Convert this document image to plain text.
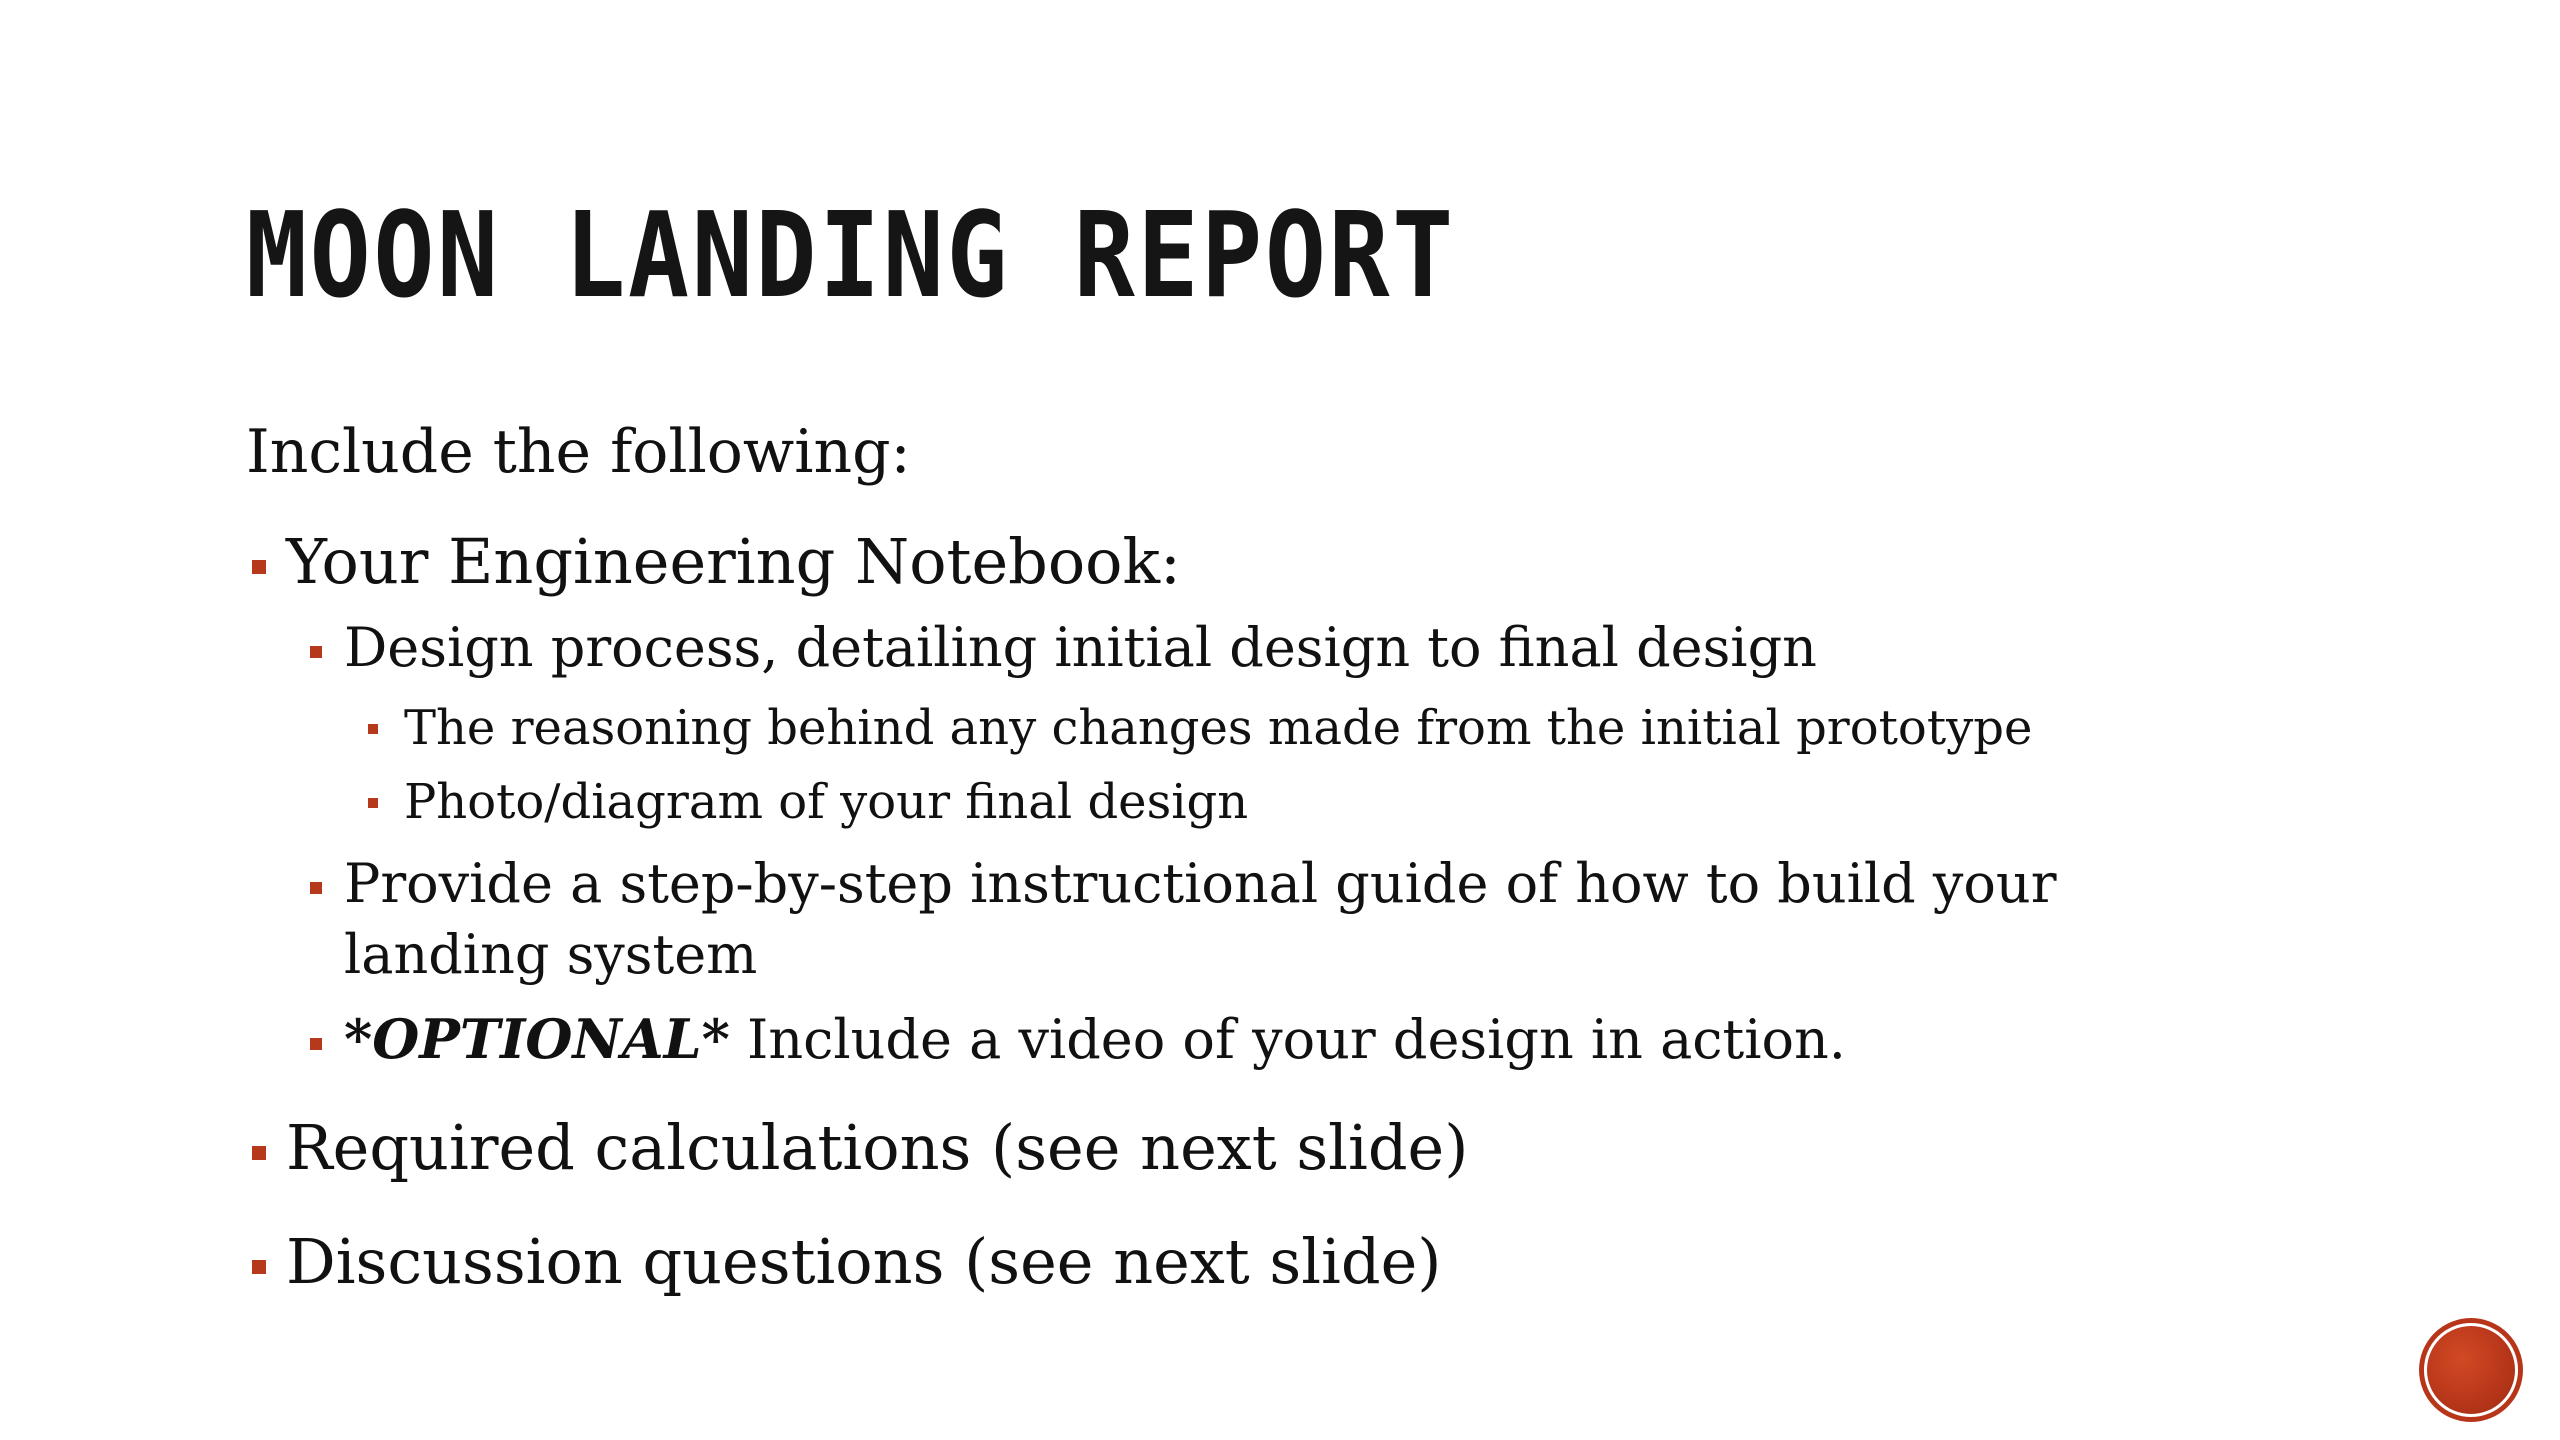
MOON LANDING REPORT

Include the following:

Your Engineering Notebook:
Design process, detailing initial design to final design
The reasoning behind any changes made from the initial prototype
Photo/diagram of your final design
Provide a step-by-step instructional guide of how to build your
landing system
*OPTIONAL* Include a video of your design in action.
Required calculations (see next slide)
Discussion questions (see next slide)
